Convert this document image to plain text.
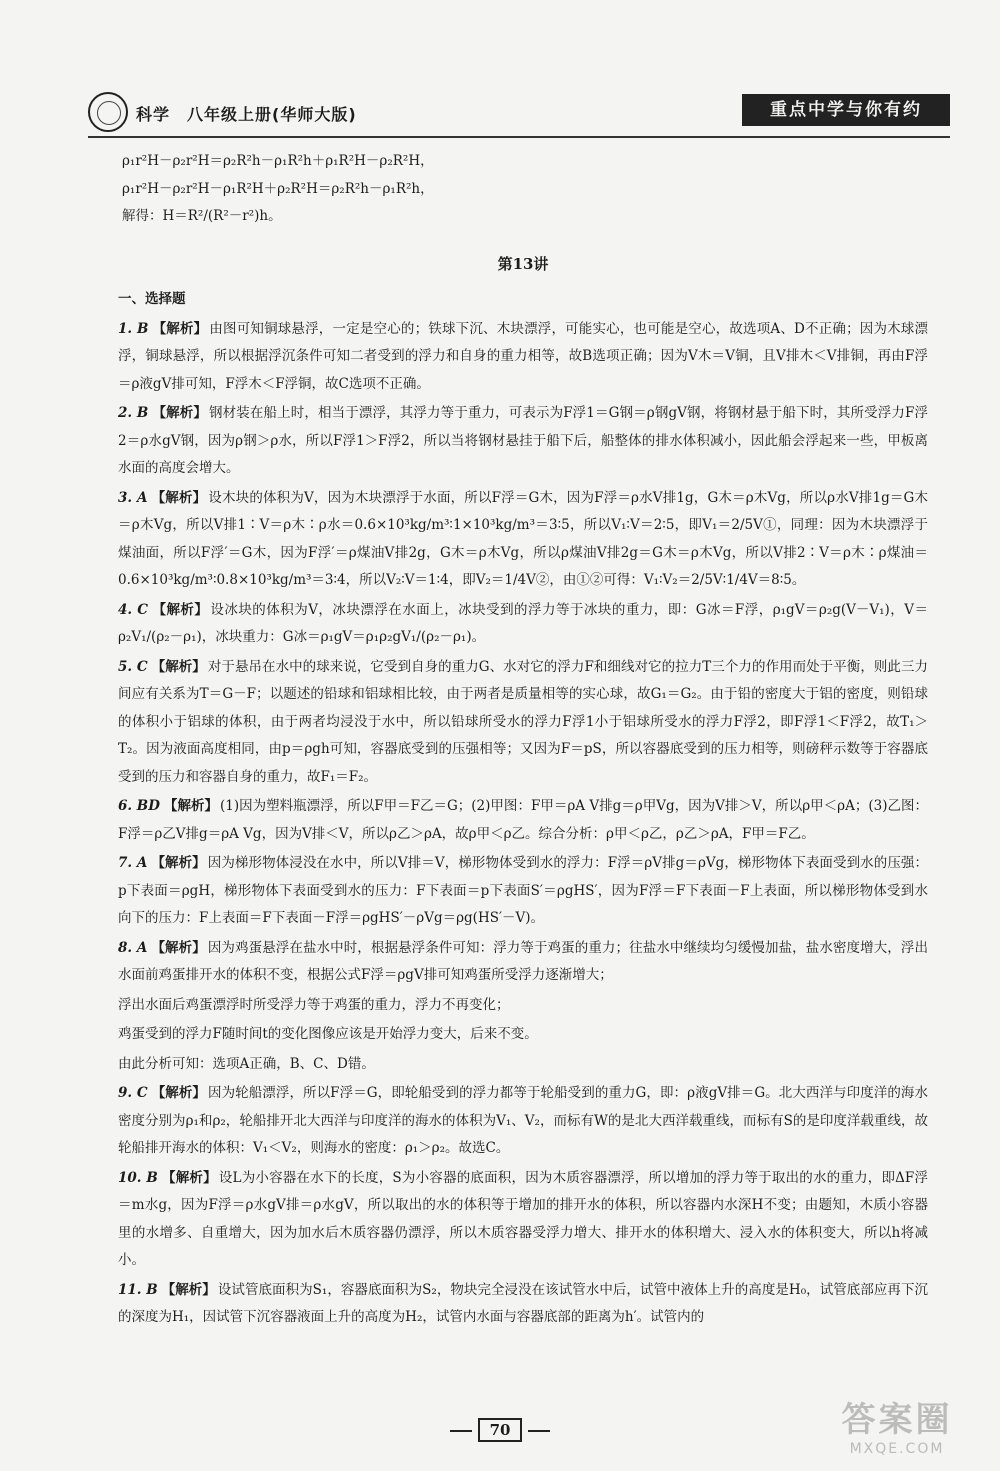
科学　八年级上册(华师大版)	重点中学与你有约

ρ₁r²H－ρ₂r²H＝ρ₂R²h－ρ₁R²h＋ρ₁R²H－ρ₂R²H，

ρ₁r²H－ρ₂r²H－ρ₁R²H＋ρ₂R²H＝ρ₂R²h－ρ₁R²h，

解得：H＝R²/(R²－r²)h。

第13讲
一、选择题

1. B 【解析】 由图可知铜球悬浮，一定是空心的；铁球下沉、木块漂浮，可能实心，也可能是空心，故选项A、D不正确；因为木球漂浮，铜球悬浮，所以根据浮沉条件可知二者受到的浮力和自身的重力相等，故B选项正确；因为V木＝V铜，且V排木＜V排铜，再由F浮＝ρ液gV排可知，F浮木＜F浮铜，故C选项不正确。

2. B 【解析】 钢材装在船上时，相当于漂浮，其浮力等于重力，可表示为F浮1＝G钢＝ρ钢gV钢，将钢材悬于船下时，其所受浮力F浮2＝ρ水gV钢，因为ρ钢＞ρ水，所以F浮1＞F浮2，所以当将钢材悬挂于船下后，船整体的排水体积减小，因此船会浮起来一些，甲板离水面的高度会增大。

3. A 【解析】 设木块的体积为V，因为木块漂浮于水面，所以F浮＝G木，因为F浮＝ρ水V排1g，G木＝ρ木Vg，所以ρ水V排1g＝G木＝ρ木Vg，所以V排1∶V＝ρ木∶ρ水＝0.6×10³kg/m³∶1×10³kg/m³＝3∶5，所以V₁∶V＝2∶5，即V₁＝2/5V①，同理：因为木块漂浮于煤油面，所以F浮′＝G木，因为F浮′＝ρ煤油V排2g，G木＝ρ木Vg，所以ρ煤油V排2g＝G木＝ρ木Vg，所以V排2∶V＝ρ木∶ρ煤油＝0.6×10³kg/m³∶0.8×10³kg/m³＝3∶4，所以V₂∶V＝1∶4，即V₂＝1/4V②，由①②可得：V₁∶V₂＝2/5V∶1/4V＝8∶5。

4. C 【解析】 设冰块的体积为V，冰块漂浮在水面上，冰块受到的浮力等于冰块的重力，即：G冰＝F浮，ρ₁gV＝ρ₂g(V－V₁)，V＝ρ₂V₁/(ρ₂－ρ₁)，冰块重力：G冰＝ρ₁gV＝ρ₁ρ₂gV₁/(ρ₂－ρ₁)。

5. C 【解析】 对于悬吊在水中的球来说，它受到自身的重力G、水对它的浮力F和细线对它的拉力T三个力的作用而处于平衡，则此三力间应有关系为T＝G－F；以题述的铅球和铝球相比较，由于两者是质量相等的实心球，故G₁＝G₂。由于铅的密度大于铝的密度，则铅球的体积小于铝球的体积，由于两者均浸没于水中，所以铅球所受水的浮力F浮1小于铝球所受水的浮力F浮2，即F浮1＜F浮2，故T₁＞T₂。因为液面高度相同，由p＝ρgh可知，容器底受到的压强相等；又因为F＝pS，所以容器底受到的压力相等，则磅秤示数等于容器底受到的压力和容器自身的重力，故F₁＝F₂。

6. BD 【解析】 (1)因为塑料瓶漂浮，所以F甲＝F乙＝G；(2)甲图：F甲＝ρA V排g＝ρ甲Vg，因为V排＞V，所以ρ甲＜ρA；(3)乙图：F浮＝ρ乙V排g＝ρA Vg，因为V排＜V，所以ρ乙＞ρA，故ρ甲＜ρ乙。综合分析：ρ甲＜ρ乙，ρ乙＞ρA，F甲＝F乙。

7. A 【解析】 因为梯形物体浸没在水中，所以V排＝V，梯形物体受到水的浮力：F浮＝ρV排g＝ρVg，梯形物体下表面受到水的压强：p下表面＝ρgH，梯形物体下表面受到水的压力：F下表面＝p下表面S′＝ρgHS′，因为F浮＝F下表面－F上表面，所以梯形物体受到水向下的压力：F上表面＝F下表面－F浮＝ρgHS′－ρVg＝ρg(HS′－V)。

8. A 【解析】 因为鸡蛋悬浮在盐水中时，根据悬浮条件可知：浮力等于鸡蛋的重力；往盐水中继续均匀缓慢加盐，盐水密度增大，浮出水面前鸡蛋排开水的体积不变，根据公式F浮＝ρgV排可知鸡蛋所受浮力逐渐增大；

浮出水面后鸡蛋漂浮时所受浮力等于鸡蛋的重力，浮力不再变化；

鸡蛋受到的浮力F随时间t的变化图像应该是开始浮力变大，后来不变。

由此分析可知：选项A正确，B、C、D错。

9. C 【解析】 因为轮船漂浮，所以F浮＝G，即轮船受到的浮力都等于轮船受到的重力G，即：ρ液gV排＝G。北大西洋与印度洋的海水密度分别为ρ₁和ρ₂，轮船排开北大西洋与印度洋的海水的体积为V₁、V₂，而标有W的是北大西洋载重线，而标有S的是印度洋载重线，故轮船排开海水的体积：V₁＜V₂，则海水的密度：ρ₁＞ρ₂。故选C。

10. B 【解析】 设L为小容器在水下的长度，S为小容器的底面积，因为木质容器漂浮，所以增加的浮力等于取出的水的重力，即ΔF浮＝m水g，因为F浮＝ρ水gV排＝ρ水gV，所以取出的水的体积等于增加的排开水的体积，所以容器内水深H不变；由题知，木质小容器里的水增多、自重增大，因为加水后木质容器仍漂浮，所以木质容器受浮力增大、排开水的体积增大、浸入水的体积变大，所以h将减小。

11. B 【解析】 设试管底面积为S₁，容器底面积为S₂，物块完全浸没在该试管水中后，试管中液体上升的高度是H₀，试管底部应再下沉的深度为H₁，因试管下沉容器液面上升的高度为H₂，试管内水面与容器底部的距离为h′。试管内的

70	答案圈
MXQE.COM
